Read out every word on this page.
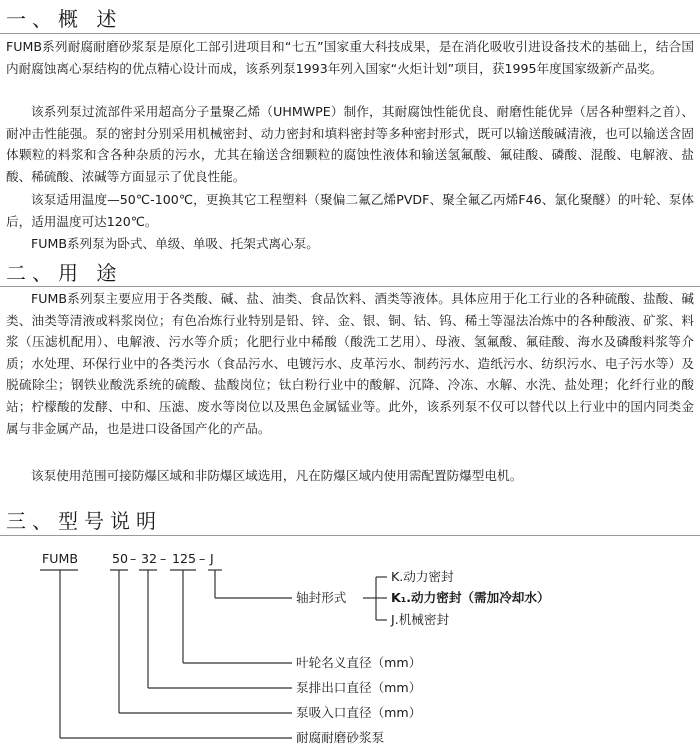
一、概 述

FUMB系列耐腐耐磨砂浆泵是原化工部引进项目和“七五”国家重大科技成果，是在消化吸收引进设备技术的基础上，结合国内耐腐蚀离心泵结构的优点精心设计而成，该系列泵1993年列入国家“火炬计划”项目，获1995年度国家级新产品奖。

该系列泵过流部件采用超高分子量聚乙烯（UHMWPE）制作，其耐腐蚀性能优良、耐磨性能优异（居各种塑料之首）、耐冲击性能强。泵的密封分别采用机械密封、动力密封和填料密封等多种密封形式，既可以输送酸碱清液，也可以输送含固体颗粒的料浆和含各种杂质的污水，尤其在输送含细颗粒的腐蚀性液体和输送氢氟酸、氟硅酸、磷酸、混酸、电解液、盐酸、稀硫酸、浓碱等方面显示了优良性能。

该泵适用温度—50℃-100℃，更换其它工程塑料（聚偏二氟乙烯PVDF、聚全氟乙丙烯F46、氯化聚醚）的叶轮、泵体后，适用温度可达120℃。

FUMB系列泵为卧式、单级、单吸、托架式离心泵。

二、用 途

FUMB系列泵主要应用于各类酸、碱、盐、油类、食品饮料、酒类等液体。具体应用于化工行业的各种硫酸、盐酸、碱类、油类等清液或料浆岗位；有色冶炼行业特别是铅、锌、金、银、铜、钴、钨、稀土等湿法冶炼中的各种酸液、矿浆、料浆（压滤机配用）、电解液、污水等介质；化肥行业中稀酸（酸洗工艺用）、母液、氢氟酸、氟硅酸、海水及磷酸料浆等介质；水处理、环保行业中的各类污水（食品污水、电镀污水、皮革污水、制药污水、造纸污水、纺织污水、电子污水等）及脱硫除尘；钢铁业酸洗系统的硫酸、盐酸岗位；钛白粉行业中的酸解、沉降、冷冻、水解、水洗、盐处理；化纤行业的酸站；柠檬酸的发酵、中和、压滤、废水等岗位以及黑色金属锰业等。此外，该系列泵不仅可以替代以上行业中的国内同类金属与非金属产品，也是进口设备国产化的产品。

该泵使用范围可接防爆区域和非防爆区域选用，凡在防爆区域内使用需配置防爆型电机。

三、型号说明
FUMB	50 – 32 – 125 – J
轴封形式
K.动力密封
K₁.动力密封（需加冷却水）
J.机械密封
叶轮名义直径（mm）
泵排出口直径（mm）
泵吸入口直径（mm）
耐腐耐磨砂浆泵
